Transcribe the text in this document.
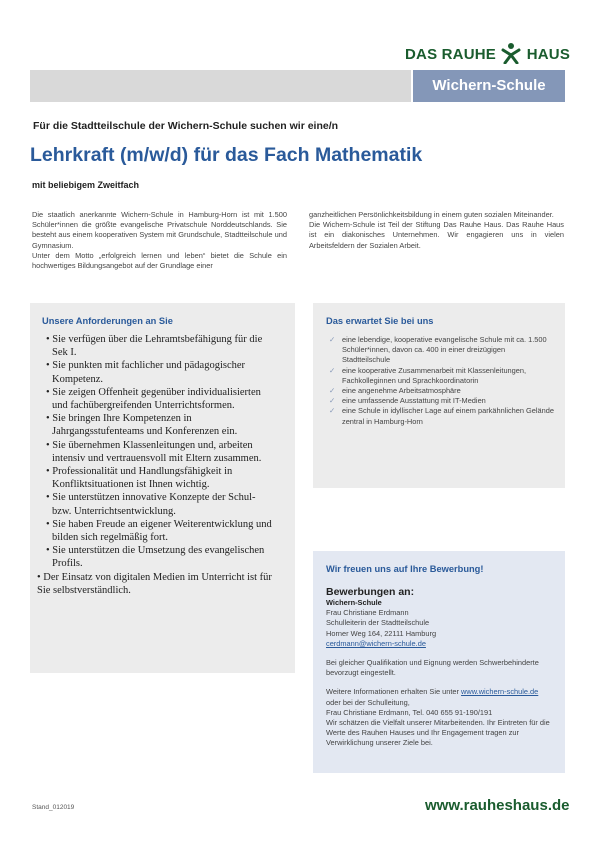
DAS RAUHE HAUS
Wichern-Schule
Für die Stadtteilschule der Wichern-Schule suchen wir eine/n
Lehrkraft (m/w/d) für das Fach Mathematik
mit beliebigem Zweitfach

Die staatlich anerkannte Wichern-Schule in Hamburg-Horn ist mit 1.500 Schüler*innen die größte evangelische Privatschule Norddeutschlands. Sie besteht aus einem kooperativen System mit Grundschule, Stadtteilschule und Gymnasium.

Unter dem Motto „erfolgreich lernen und leben“ bietet die Schule ein hochwertiges Bildungsangebot auf der Grundlage einer

ganzheitlichen Persönlichkeitsbildung in einem guten sozialen Miteinander.

Die Wichern-Schule ist Teil der Stiftung Das Rauhe Haus. Das Rauhe Haus ist ein diakonisches Unternehmen. Wir engagieren uns in vielen Arbeitsfeldern der Sozialen Arbeit.

Unsere Anforderungen an Sie
• Sie verfügen über die Lehramtsbefähigung für die Sek I.
• Sie punkten mit fachlicher und pädagogischer Kompetenz.
• Sie zeigen Offenheit gegenüber individualisierten und fachübergreifenden Unterrichtsformen.
• Sie bringen Ihre Kompetenzen in Jahrgangsstufenteams und Konferenzen ein.
• Sie übernehmen Klassenleitungen und, arbeiten intensiv und vertrauensvoll mit Eltern zusammen.
• Professionalität und Handlungsfähigkeit in Konfliktsituationen ist Ihnen wichtig.
• Sie unterstützen innovative Konzepte der Schul- bzw. Unterrichtsentwicklung.
• Sie haben Freude an eigener Weiterentwicklung und bilden sich regelmäßig fort.
• Sie unterstützen die Umsetzung des evangelischen Profils.
• Der Einsatz von digitalen Medien im Unterricht ist für Sie selbstverständlich.
Das erwartet Sie bei uns
✓ eine lebendige, kooperative evangelische Schule mit ca. 1.500 Schüler*innen, davon ca. 400 in einer dreizügigen Stadtteilschule
✓ eine kooperative Zusammenarbeit mit Klassenleitungen, Fachkolleginnen und Sprachkoordinatorin
✓ eine angenehme Arbeitsatmosphäre
✓ eine umfassende Ausstattung mit IT-Medien
✓ eine Schule in idyllischer Lage auf einem parkähnlichen Gelände zentral in Hamburg-Horn
Wir freuen uns auf Ihre Bewerbung!

Bewerbungen an:

Wichern-Schule

Frau Christiane Erdmann

Schulleiterin der Stadtteilschule

Horner Weg 164, 22111 Hamburg

cerdmann@wichern-schule.de

Bei gleicher Qualifikation und Eignung werden Schwerbehinderte bevorzugt eingestellt.

Weitere Informationen erhalten Sie unter www.wichern-schule.de oder bei der Schulleitung,

Frau Christiane Erdmann, Tel. 040 655 91-190/191

Wir schätzen die Vielfalt unserer Mitarbeitenden. Ihr Eintreten für die Werte des Rauhen Hauses und Ihr Engagement tragen zur Verwirklichung unserer Ziele bei.

Stand_012019	www.rauheshaus.de
